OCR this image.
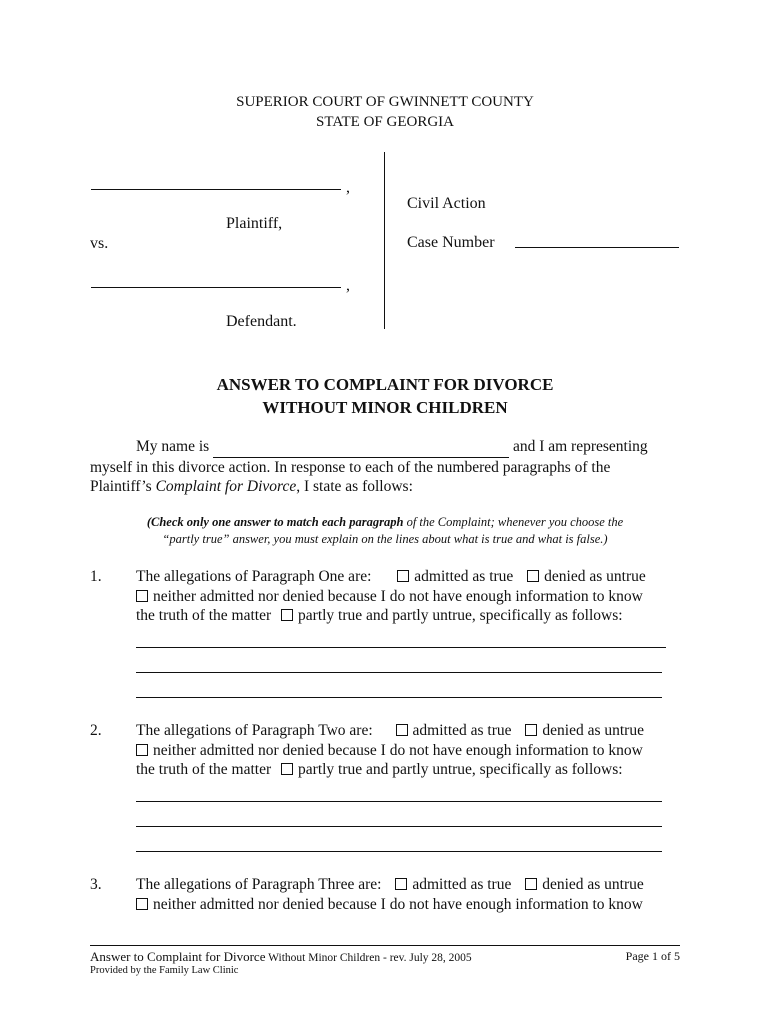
SUPERIOR COURT OF GWINNETT COUNTY
STATE OF GEORGIA
,
Plaintiff,
vs.
,
Defendant.
Civil Action
Case Number
ANSWER TO COMPLAINT FOR DIVORCE
WITHOUT MINOR CHILDREN
My name is	and I am representing
myself in this divorce action. In response to each of the numbered paragraphs of the
Plaintiff’s Complaint for Divorce, I state as follows:
(Check only one answer to match each paragraph of the Complaint; whenever you choose the
“partly true” answer, you must explain on the lines about what is true and what is false.)
1. The allegations of Paragraph One are:	admitted as true denied as untrue
neither admitted nor denied because I do not have enough information to know
the truth of the matter partly true and partly untrue, specifically as follows:
2. The allegations of Paragraph Two are:	admitted as true denied as untrue
neither admitted nor denied because I do not have enough information to know
the truth of the matter partly true and partly untrue, specifically as follows:
3. The allegations of Paragraph Three are: admitted as true denied as untrue
neither admitted nor denied because I do not have enough information to know
Answer to Complaint for Divorce Without Minor Children - rev. July 28, 2005	Page 1 of 5
Provided by the Family Law Clinic
